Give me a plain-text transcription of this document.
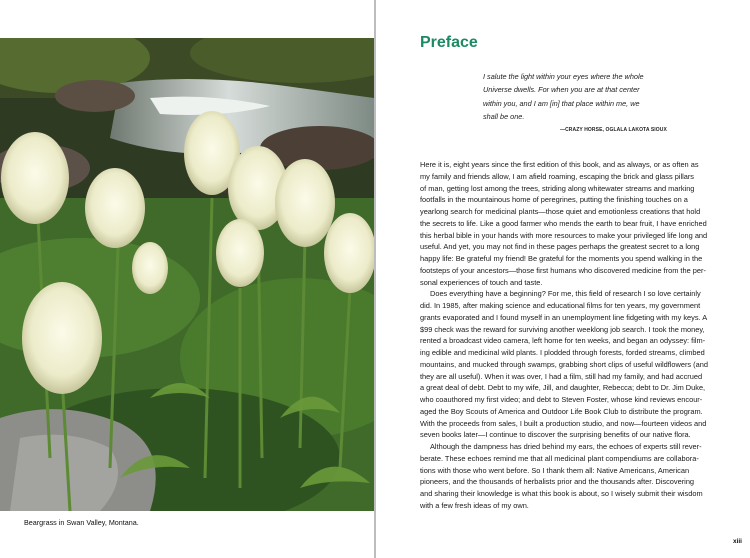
Beargrass in Swan Valley, Montana.
Preface
I salute the light within your eyes where the whole
Universe dwells. For when you are at that center
within you, and I am [in] that place within me, we
shall be one.
—CRAZY HORSE, OGLALA LAKOTA SIOUX
Here it is, eight years since the first edition of this book, and as always, or as often as
my family and friends allow, I am afield roaming, escaping the brick and glass pillars
of man, getting lost among the trees, striding along whitewater streams and marking
footfalls in the mountainous home of peregrines, putting the finishing touches on a
yearlong search for medicinal plants—those quiet and emotionless creations that hold
the secrets to life. Like a good farmer who mends the earth to bear fruit, I have enriched
this herbal bible in your hands with more resources to make your privileged life long and
useful. And yet, you may not find in these pages perhaps the greatest secret to a long
happy life: Be grateful my friend! Be grateful for the moments you spend walking in the
footsteps of your ancestors—those first humans who discovered medicine from the per-
sonal experiences of touch and taste.
Does everything have a beginning? For me, this field of research I so love certainly
did. In 1985, after making science and educational films for ten years, my government
grants evaporated and I found myself in an unemployment line fidgeting with my keys. A
$99 check was the reward for surviving another weeklong job search. I took the money,
rented a broadcast video camera, left home for ten weeks, and began an odyssey: film-
ing edible and medicinal wild plants. I plodded through forests, forded streams, climbed
mountains, and mucked through swamps, grabbing short clips of useful wildflowers (and
they are all useful). When it was over, I had a film, still had my family, and had accrued
a great deal of debt. Debt to my wife, Jill, and daughter, Rebecca; debt to Dr. Jim Duke,
who coauthored my first video; and debt to Steven Foster, whose kind reviews encour-
aged the Boy Scouts of America and Outdoor Life Book Club to distribute the program.
With the proceeds from sales, I built a production studio, and now—fourteen videos and
seven books later—I continue to discover the surprising benefits of our native flora.
Although the dampness has dried behind my ears, the echoes of experts still rever-
berate. These echoes remind me that all medicinal plant compendiums are collabora-
tions with those who went before. So I thank them all: Native Americans, American
pioneers, and the thousands of herbalists prior and the thousands after. Discovering
and sharing their knowledge is what this book is about, so I wisely submit their wisdom
with a few fresh ideas of my own.
xiii
